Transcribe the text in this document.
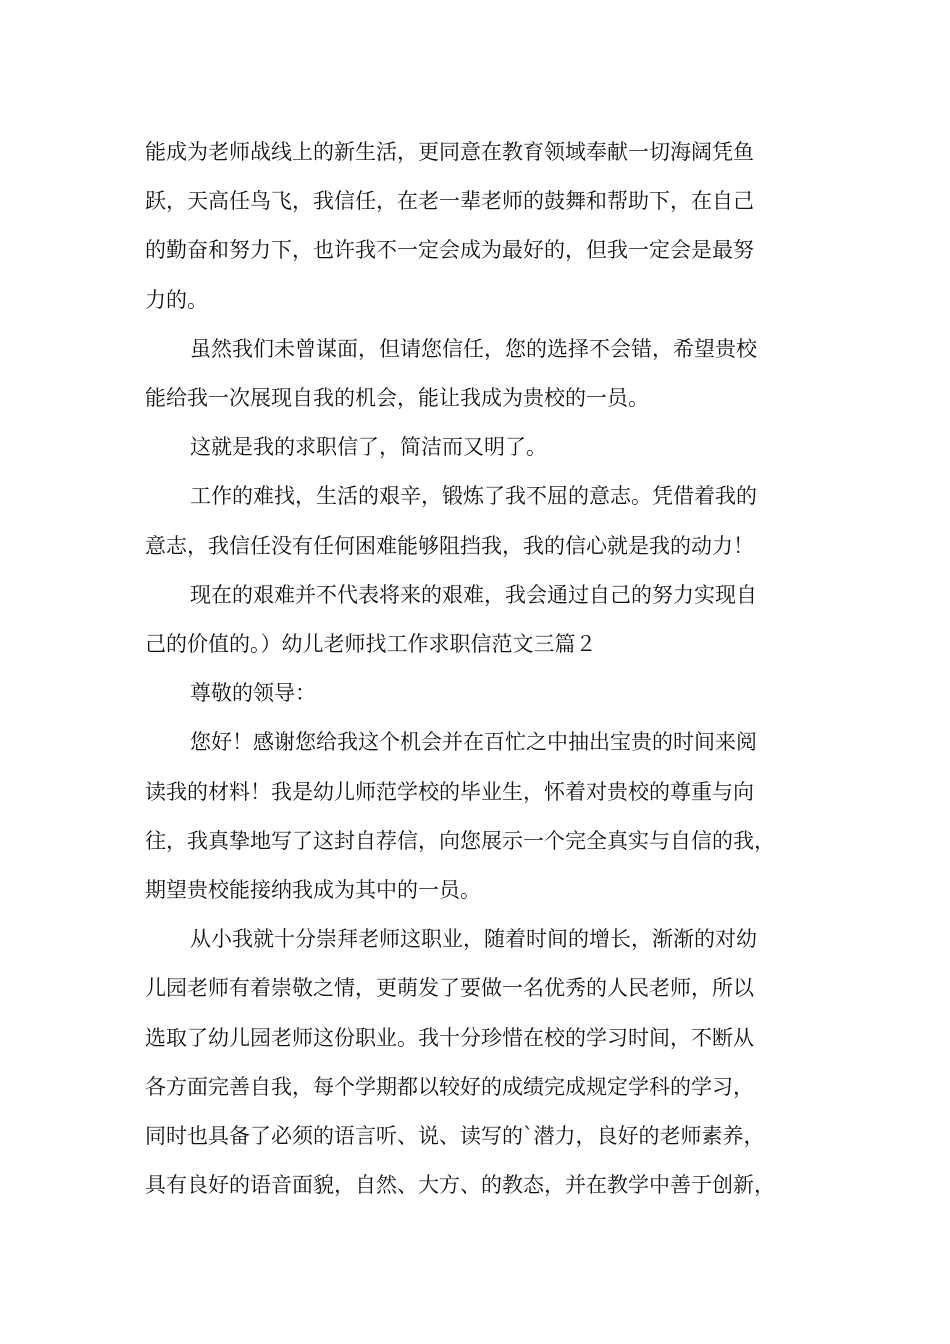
能成为老师战线上的新生活，更同意在教育领域奉献一切海阔凭鱼
跃，天高任鸟飞，我信任，在老一辈老师的鼓舞和帮助下，在自己
的勤奋和努力下，也许我不一定会成为最好的，但我一定会是最努
力的。

虽然我们未曾谋面，但请您信任，您的选择不会错，希望贵校
能给我一次展现自我的机会，能让我成为贵校的一员。

这就是我的求职信了，简洁而又明了。

工作的难找，生活的艰辛，锻炼了我不屈的意志。凭借着我的
意志，我信任没有任何困难能够阻挡我，我的信心就是我的动力！

现在的艰难并不代表将来的艰难，我会通过自己的努力实现自
己的价值的。）幼儿老师找工作求职信范文三篇２

尊敬的领导：

您好！感谢您给我这个机会并在百忙之中抽出宝贵的时间来阅
读我的材料！我是幼儿师范学校的毕业生，怀着对贵校的尊重与向
往，我真挚地写了这封自荐信，向您展示一个完全真实与自信的我，
期望贵校能接纳我成为其中的一员。

从小我就十分崇拜老师这职业，随着时间的增长，渐渐的对幼
儿园老师有着崇敬之情，更萌发了要做一名优秀的人民老师，所以
选取了幼儿园老师这份职业。我十分珍惜在校的学习时间，不断从
各方面完善自我，每个学期都以较好的成绩完成规定学科的学习，
同时也具备了必须的语言听、说、读写的`潜力，良好的老师素养，
具有良好的语音面貌，自然、大方、的教态，并在教学中善于创新，
